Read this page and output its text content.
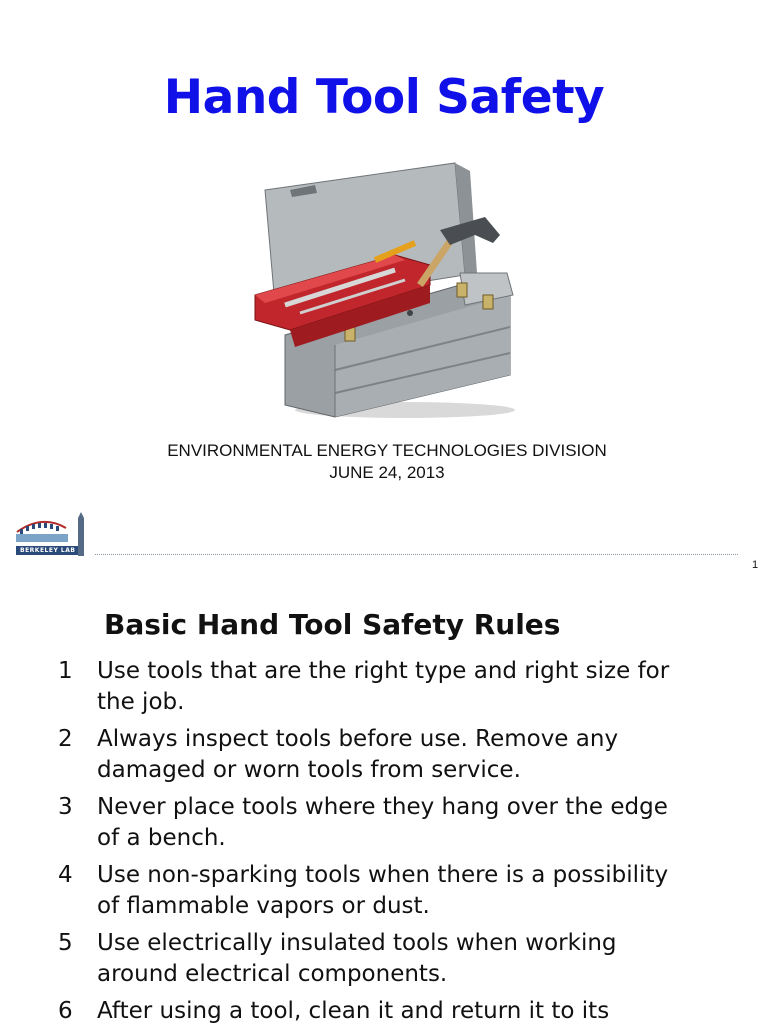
Hand Tool Safety
ENVIRONMENTAL ENERGY TECHNOLOGIES DIVISION
JUNE 24, 2013
BERKELEY LAB
1
Basic Hand Tool Safety Rules
1	Use tools that are the right type and right size for the job.
2	Always inspect tools before use. Remove any damaged or worn tools from service.
3	Never place tools where they hang over the edge of a bench.
4	Use non-sparking tools when there is a possibility of flammable vapors or dust.
5	Use electrically insulated tools when working around electrical components.
6	After using a tool, clean it and return it to its
